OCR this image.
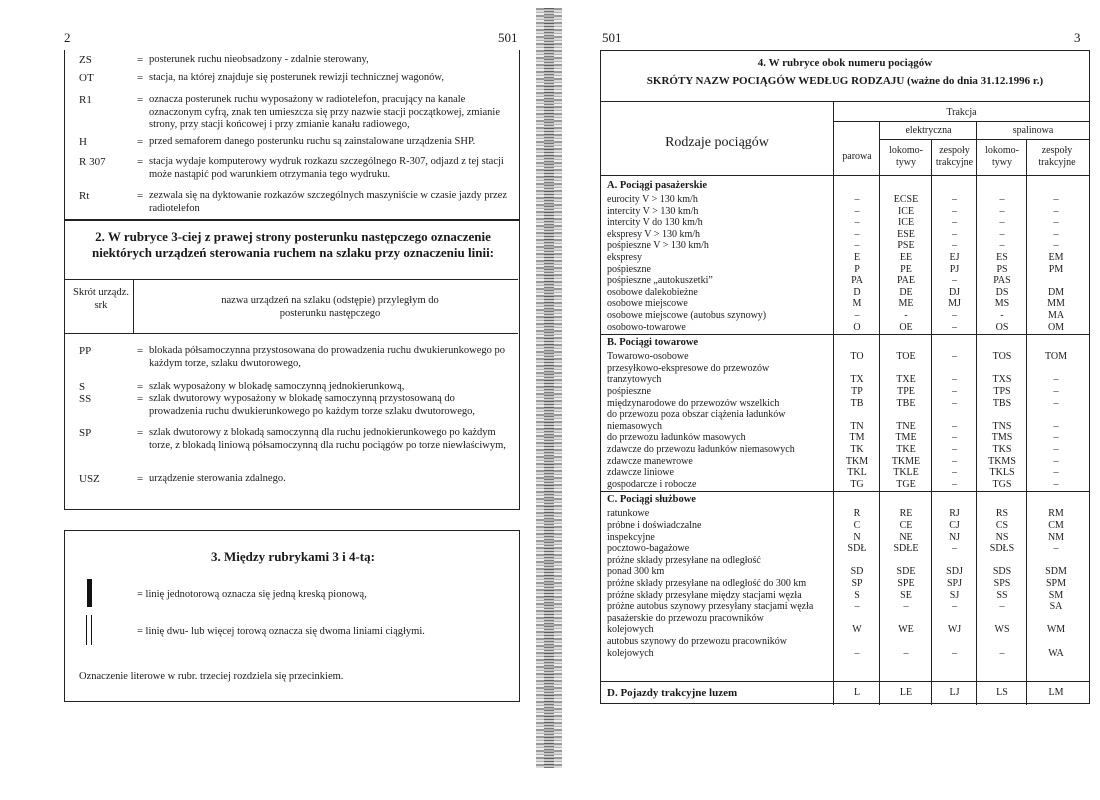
2	501
ZS	= posterunek ruchu nieobsadzony - zdalnie sterowany,
OT	= stacja, na której znajduje się posterunek rewizji technicznej wagonów,
R1	= oznacza posterunek ruchu wyposażony w radiotelefon, pracujący na kanale oznaczonym cyfrą, znak ten umieszcza się przy nazwie stacji początkowej, zmianie strony, przy stacji końcowej i przy zmianie kanału radiowego,
H	= przed semaforem danego posterunku ruchu są zainstalowane urządzenia SHP.
R 307	= stacja wydaje komputerowy wydruk rozkazu szczególnego R-307, odjazd z tej stacji może nastąpić pod warunkiem otrzymania tego wydruku.
Rt	= zezwala się na dyktowanie rozkazów szczególnych maszyniście w czasie jazdy przez radiotelefon
2. W rubryce 3-ciej z prawej strony posterunku następczego oznaczenie niektórych urządzeń sterowania ruchem na szlaku przy oznaczeniu linii:
Skrót urządz. srk	nazwa urządzeń na szlaku (odstępie) przyległym do posterunku następczego
PP	= blokada półsamoczynna przystosowana do prowadzenia ruchu dwukierunkowego po każdym torze, szlaku dwutorowego,
S	= szlak wyposażony w blokadę samoczynną jednokierunkową,
SS	= szlak dwutorowy wyposażony w blokadę samoczynną przystosowaną do prowadzenia ruchu dwukierunkowego po każdym torze szlaku dwutorowego,
SP	= szlak dwutorowy z blokadą samoczynną dla ruchu jednokierunkowego po każdym torze, z blokadą liniową półsamoczynną dla ruchu pociągów po torze niewłaściwym,
USZ	= urządzenie sterowania zdalnego.
3. Między rubrykami 3 i 4-tą:
= linię jednotorową oznacza się jedną kreską pionową,
= linię dwu- lub więcej torową oznacza się dwoma liniami ciągłymi.
Oznaczenie literowe w rubr. trzeciej rozdziela się przecinkiem.
501	3
4. W rubryce obok numeru pociągów
SKRÓTY NAZW POCIĄGÓW WEDŁUG RODZAJU (ważne do dnia 31.12.1996 r.)
Rodzaje pociągów
Trakcja
elektryczna	spalinowa
parowa
lokomo-tywy
zespoły trakcyjne
lokomo-tywy
zespoły trakcyjne
A. Pociągi pasażerskie
eurocity V > 130 km/h	–	ECSE	–	–	–
intercity V > 130 km/h	–	ICE	–	–	–
intercity V do 130 km/h	–	ICE	–	–	–
ekspresy V > 130 km/h	–	ESE	–	–	–
pośpieszne V > 130 km/h	–	PSE	–	–	–
ekspresy	E	EE	EJ	ES	EM
pośpieszne	P	PE	PJ	PS	PM
pośpieszne „autokuszetki”	PA	PAE	–	PAS
osobowe dalekobieżne	D	DE	DJ	DS	DM
osobowe miejscowe	M	ME	MJ	MS	MM
osobowe miejscowe (autobus szynowy)	–	-	–	-	MA
osobowo-towarowe	O	OE	–	OS	OM
B. Pociągi towarowe
Towarowo-osobowe	TO	TOE	–	TOS	TOM
przesyłkowo-ekspresowe do przewozów
tranzytowych	TX	TXE	–	TXS	–
pośpieszne	TP	TPE	–	TPS	–
międzynarodowe do przewozów wszelkich	TB	TBE	–	TBS	–
do przewozu poza obszar ciążenia ładunków
niemasowych	TN	TNE	–	TNS	–
do przewozu ładunków masowych	TM	TME	–	TMS	–
zdawcze do przewozu ładunków niemasowych	TK	TKE	–	TKS	–
zdawcze manewrowe	TKM	TKME	–	TKMS	–
zdawcze liniowe	TKL	TKLE	–	TKLS	–
gospodarcze i robocze	TG	TGE	–	TGS	–
C. Pociągi służbowe
ratunkowe	R	RE	RJ	RS	RM
próbne i doświadczalne	C	CE	CJ	CS	CM
inspekcyjne	N	NE	NJ	NS	NM
pocztowo-bagażowe	SDŁ	SDŁE	–	SDŁS	–
próżne składy przesyłane na odległość
ponad 300 km	SD	SDE	SDJ	SDS	SDM
próżne składy przesyłane na odległość do 300 km	SP	SPE	SPJ	SPS	SPM
próżne składy przesyłane między stacjami węzła	S	SE	SJ	SS	SM
próżne autobus szynowy przesyłany stacjami węzła	–	–	–	–	SA
pasażerskie do przewozu pracowników
kolejowych	W	WE	WJ	WS	WM
autobus szynowy do przewozu pracowników
kolejowych	–	–	–	–	WA
D. Pojazdy trakcyjne luzem	L	LE	LJ	LS	LM
